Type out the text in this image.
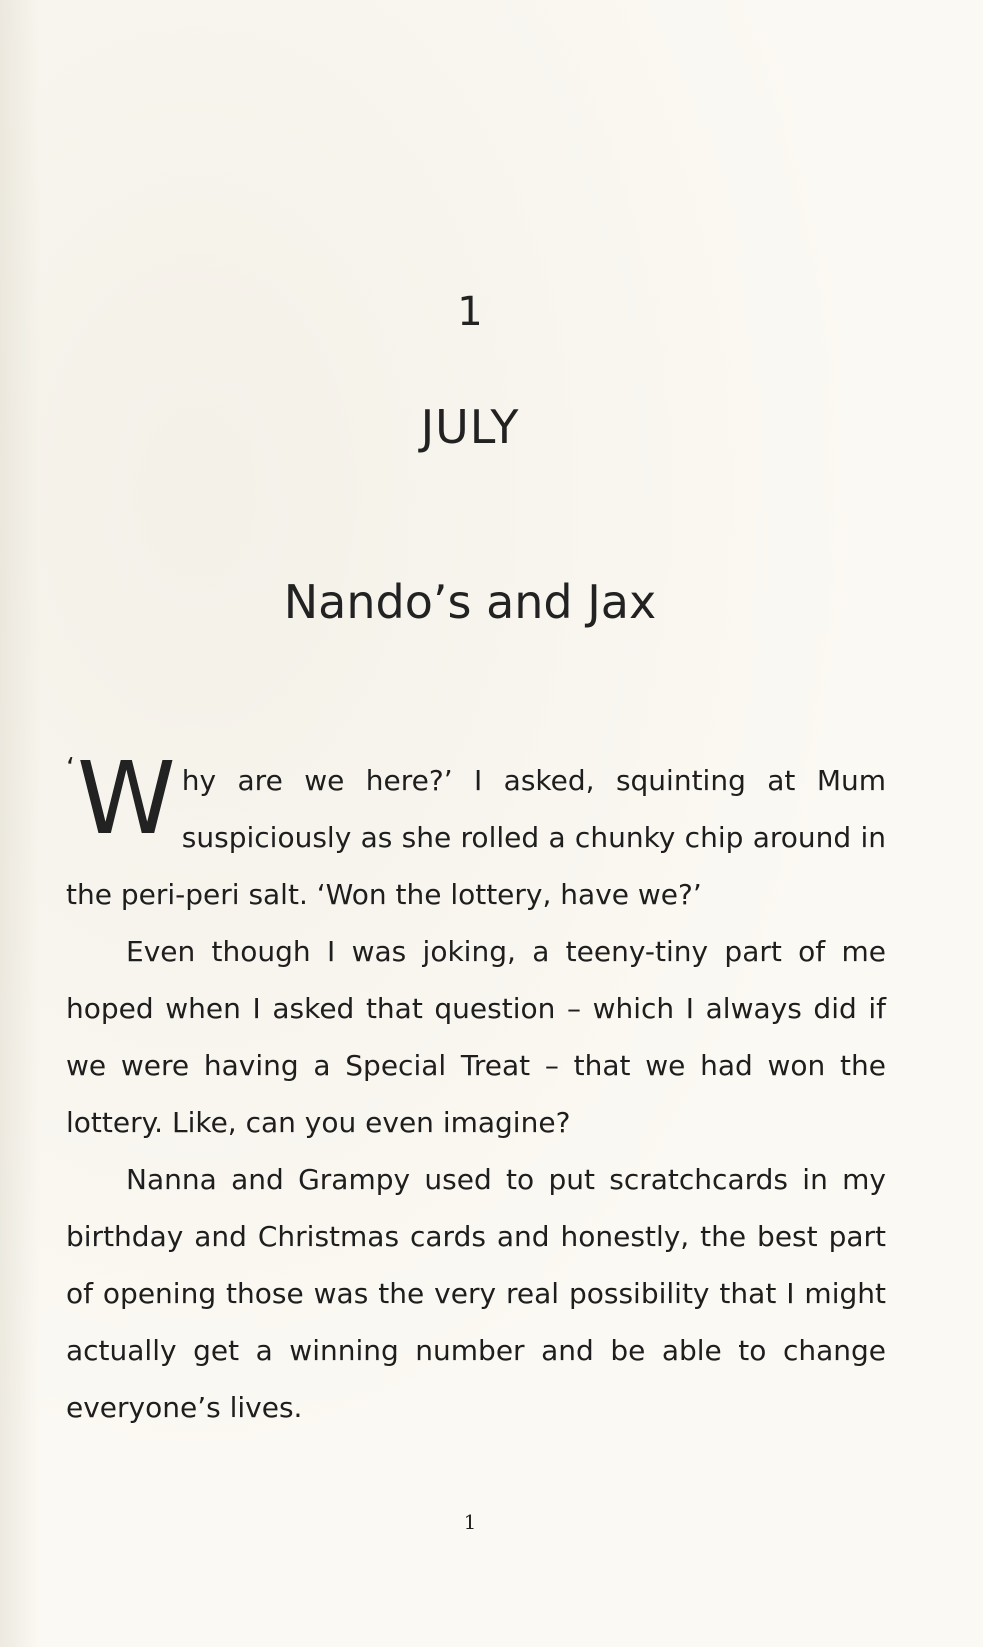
1
JULY
Nando’s and Jax

‘ W hy are we here?’ I asked, squinting at Mum suspiciously as she rolled a chunky chip around in the peri-peri salt. ‘Won the lottery, have we?’

Even though I was joking, a teeny-tiny part of me hoped when I asked that question – which I always did if we were having a Special Treat – that we had won the lottery. Like, can you even imagine?

Nanna and Grampy used to put scratchcards in my birthday and Christmas cards and honestly, the best part of opening those was the very real possibility that I might actually get a winning number and be able to change everyone’s lives.

1
